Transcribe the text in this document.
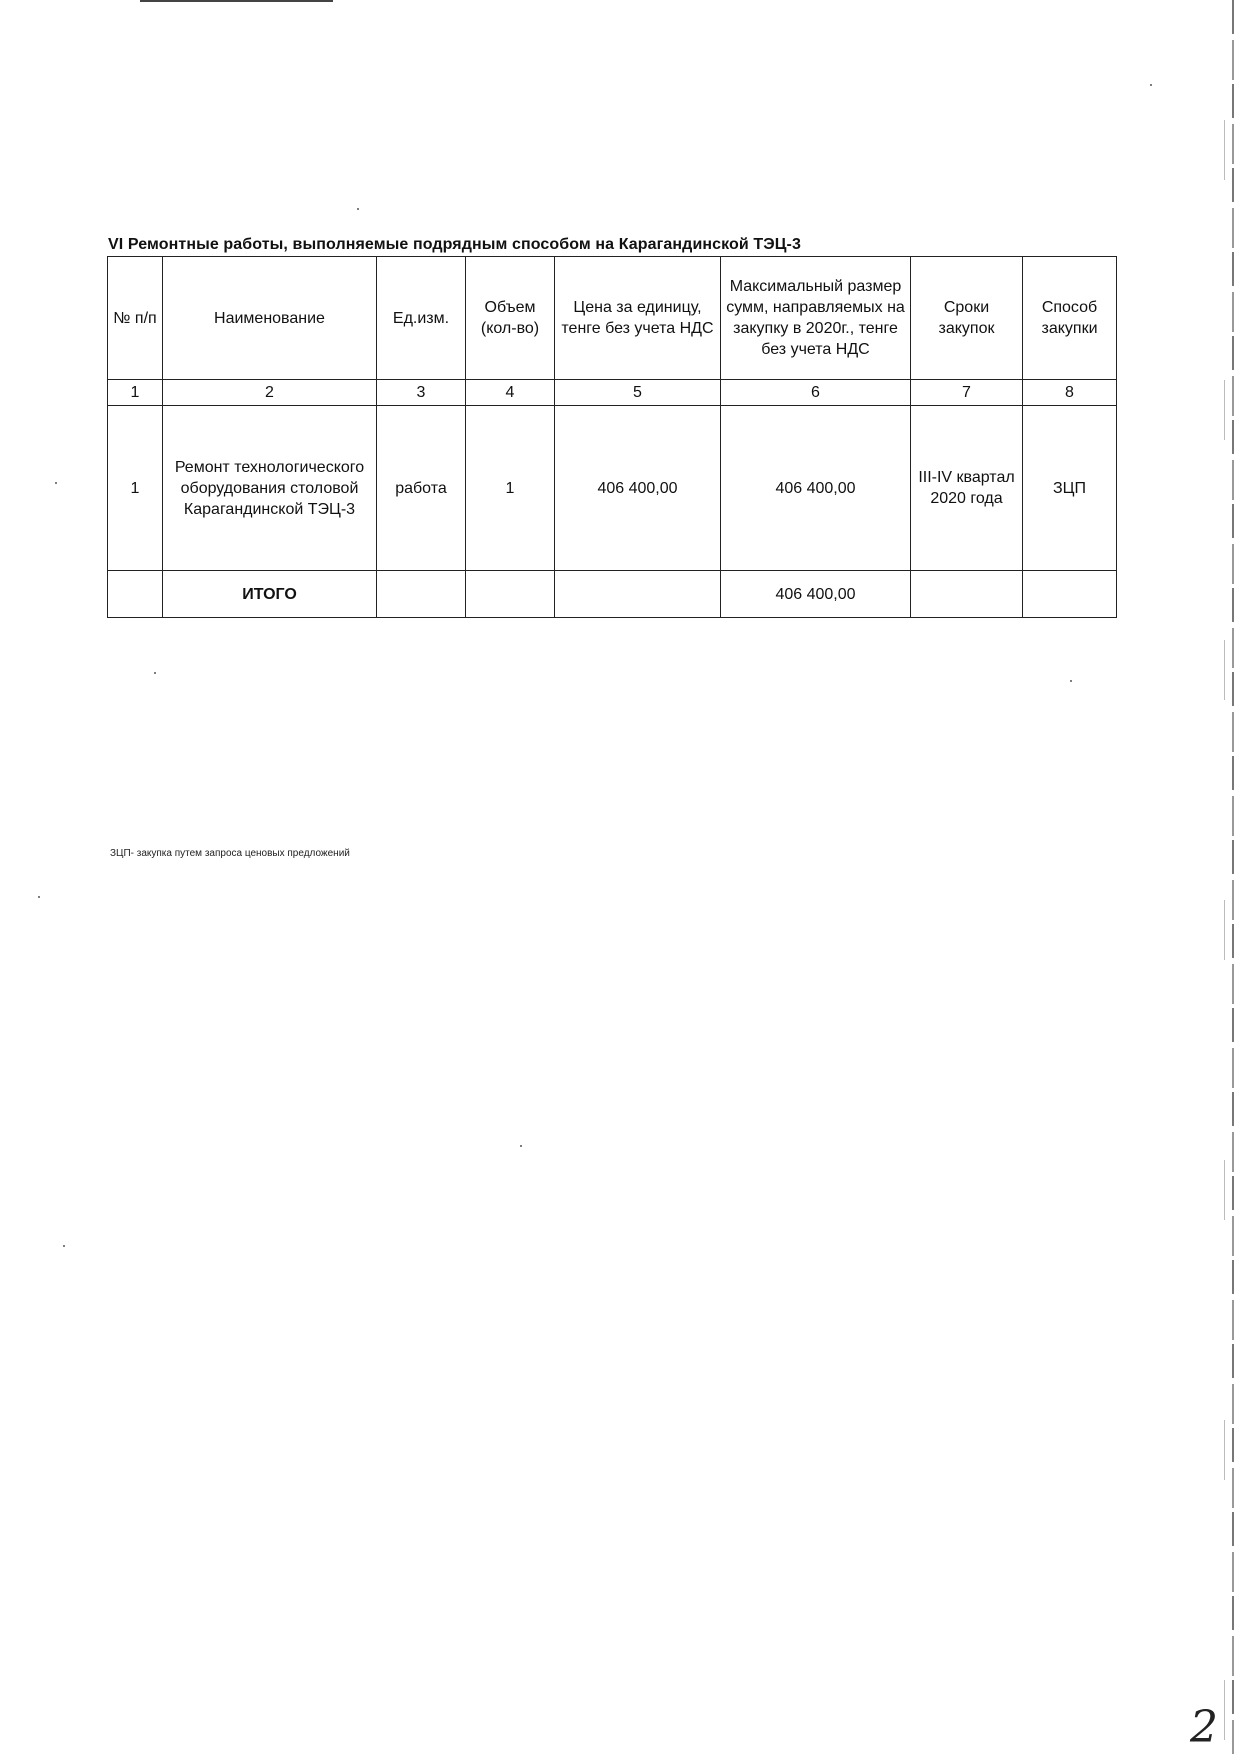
VI Ремонтные работы, выполняемые подрядным способом на Карагандинской ТЭЦ-3
№ п/п	Наименование	Ед.изм.	Объем (кол-во)	Цена за единицу, тенге без учета НДС	Максимальный размер сумм, направляемых на закупку в 2020г., тенге без учета НДС	Сроки закупок	Способ закупки
1	2	3	4	5	6	7	8
1	Ремонт технологического оборудования столовой Карагандинской ТЭЦ-3	работа	1	406 400,00	406 400,00	III-IV квартал 2020 года	ЗЦП
	ИТОГО				406 400,00		
ЗЦП- закупка путем запроса ценовых предложений
2
